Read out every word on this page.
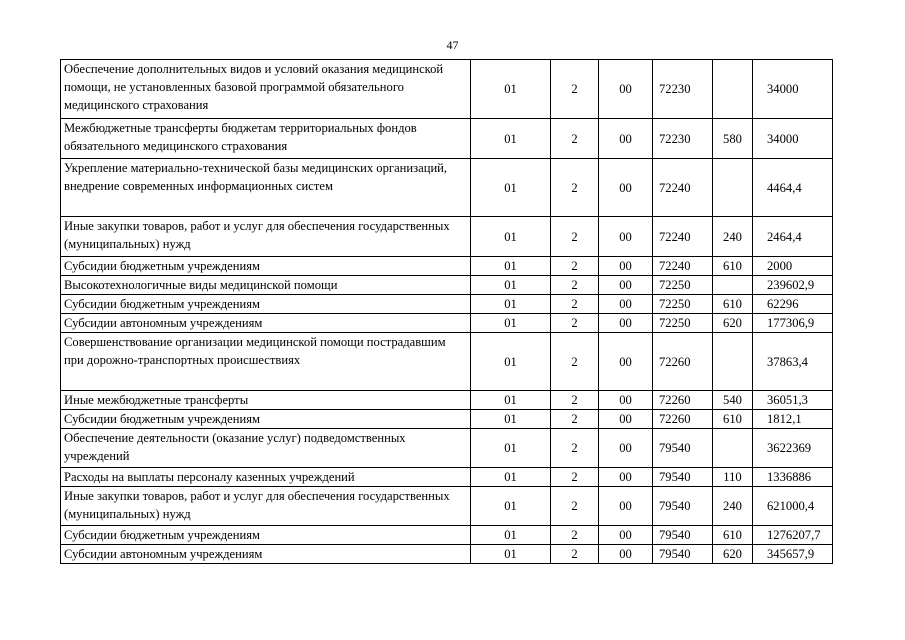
47
Обеспечение дополнительных видов и условий оказания медицинской помощи, не установленных базовой программой обязательного медицинского страхования	01	2	00	72230		34000
Межбюджетные трансферты бюджетам территориальных фондов обязательного медицинского страхования	01	2	00	72230	580	34000
Укрепление материально-технической базы медицинских организаций, внедрение современных информационных систем	01	2	00	72240		4464,4
Иные закупки товаров, работ и услуг для обеспечения государственных (муниципальных) нужд	01	2	00	72240	240	2464,4
Субсидии бюджетным учреждениям	01	2	00	72240	610	2000
Высокотехнологичные виды медицинской помощи	01	2	00	72250		239602,9
Субсидии бюджетным учреждениям	01	2	00	72250	610	62296
Субсидии автономным учреждениям	01	2	00	72250	620	177306,9
Совершенствование организации медицинской помощи пострадавшим при дорожно-транспортных происшествиях	01	2	00	72260		37863,4
Иные межбюджетные трансферты	01	2	00	72260	540	36051,3
Субсидии бюджетным учреждениям	01	2	00	72260	610	1812,1
Обеспечение деятельности (оказание услуг) подведомственных учреждений	01	2	00	79540		3622369
Расходы на выплаты персоналу казенных учреждений	01	2	00	79540	110	1336886
Иные закупки товаров, работ и услуг для обеспечения государственных (муниципальных) нужд	01	2	00	79540	240	621000,4
Субсидии бюджетным учреждениям	01	2	00	79540	610	1276207,7
Субсидии автономным учреждениям	01	2	00	79540	620	345657,9
